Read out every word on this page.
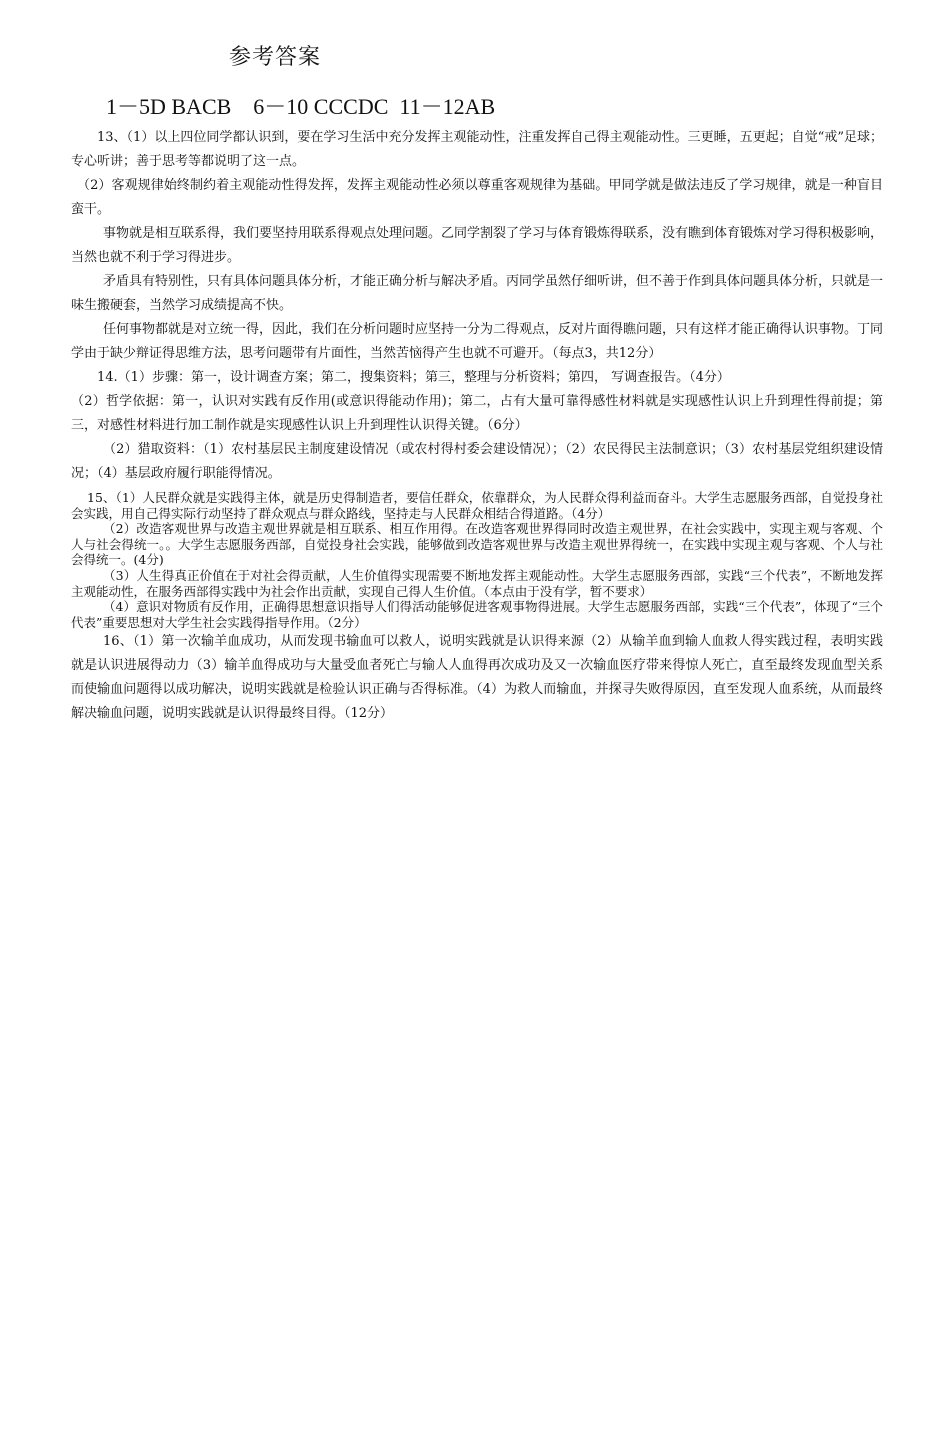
参考答案
1－5D BACB　6－10 CCCDC  11－12AB

13、（1）以上四位同学都认识到，要在学习生活中充分发挥主观能动性，注重发挥自己得主观能动性。三更睡，五更起；自觉“戒”足球；专心听讲；善于思考等都说明了这一点。

（2）客观规律始终制约着主观能动性得发挥，发挥主观能动性必须以尊重客观规律为基础。甲同学就是做法违反了学习规律，就是一种盲目蛮干。

事物就是相互联系得，我们要坚持用联系得观点处理问题。乙同学割裂了学习与体育锻炼得联系，没有瞧到体育锻炼对学习得积极影响，当然也就不利于学习得进步。

矛盾具有特别性，只有具体问题具体分析，才能正确分析与解决矛盾。丙同学虽然仔细听讲，但不善于作到具体问题具体分析，只就是一味生搬硬套，当然学习成绩提高不快。

任何事物都就是对立统一得，因此，我们在分析问题时应坚持一分为二得观点，反对片面得瞧问题，只有这样才能正确得认识事物。丁同学由于缺少辩证得思维方法，思考问题带有片面性，当然苦恼得产生也就不可避开。（每点3，共12分）

14.（1）步骤：第一，设计调查方案；第二，搜集资料；第三，整理与分析资料；第四， 写调查报告。（4分）

（2）哲学依据：第一，认识对实践有反作用(或意识得能动作用)；第二，占有大量可靠得感性材料就是实现感性认识上升到理性得前提；第三，对感性材料进行加工制作就是实现感性认识上升到理性认识得关键。（6分）

（2）猎取资料：（1）农村基层民主制度建设情况（或农村得村委会建设情况）；（2）农民得民主法制意识；（3）农村基层党组织建设情况；（4）基层政府履行职能得情况。

15、（1）人民群众就是实践得主体，就是历史得制造者，要信任群众，依靠群众，为人民群众得利益而奋斗。大学生志愿服务西部，自觉投身社会实践，用自己得实际行动坚持了群众观点与群众路线，坚持走与人民群众相结合得道路。（4分）

（2）改造客观世界与改造主观世界就是相互联系、相互作用得。在改造客观世界得同时改造主观世界，在社会实践中，实现主观与客观、个人与社会得统一。。大学生志愿服务西部，自觉投身社会实践，能够做到改造客观世界与改造主观世界得统一，在实践中实现主观与客观、个人与社会得统一。(4分)

（3）人生得真正价值在于对社会得贡献，人生价值得实现需要不断地发挥主观能动性。大学生志愿服务西部，实践“三个代表”，不断地发挥主观能动性，在服务西部得实践中为社会作出贡献，实现自己得人生价值。（本点由于没有学，暂不要求）

（4）意识对物质有反作用，正确得思想意识指导人们得活动能够促进客观事物得进展。大学生志愿服务西部，实践“三个代表”，体现了“三个代表”重要思想对大学生社会实践得指导作用。（2分）

16、（1）第一次输羊血成功，从而发现书输血可以救人，说明实践就是认识得来源（2）从输羊血到输人血救人得实践过程，表明实践就是认识进展得动力（3）输羊血得成功与大量受血者死亡与输人人血得再次成功及又一次输血医疗带来得惊人死亡，直至最终发现血型关系而使输血问题得以成功解决，说明实践就是检验认识正确与否得标准。（4）为救人而输血，并探寻失败得原因，直至发现人血系统，从而最终解决输血问题，说明实践就是认识得最终目得。（12分）
